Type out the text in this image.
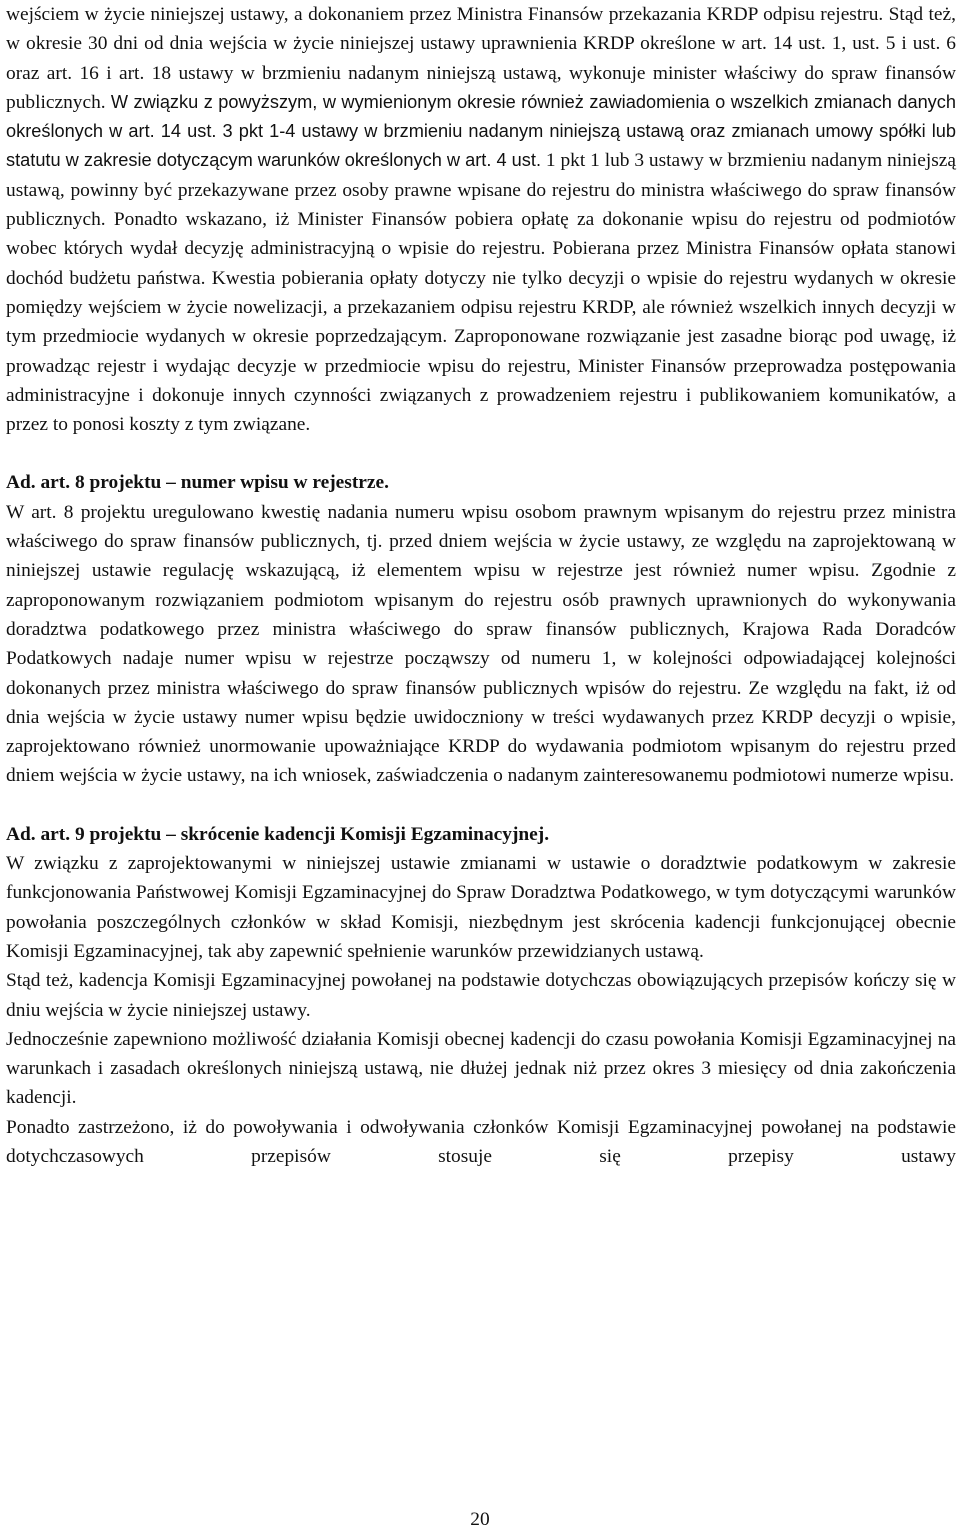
wejściem w życie niniejszej ustawy, a dokonaniem przez Ministra Finansów przekazania KRDP odpisu rejestru. Stąd też, w okresie 30 dni od dnia wejścia w życie niniejszej ustawy uprawnienia KRDP określone w art. 14 ust. 1, ust. 5 i ust. 6 oraz art. 16 i art. 18 ustawy w brzmieniu nadanym niniejszą ustawą, wykonuje minister właściwy do spraw finansów publicznych. W związku z powyższym, w wymienionym okresie również zawiadomienia o wszelkich zmianach danych określonych w art. 14 ust. 3 pkt 1-4 ustawy w brzmieniu nadanym niniejszą ustawą oraz zmianach umowy spółki lub statutu w zakresie dotyczącym warunków określonych w art. 4 ust. 1 pkt 1 lub 3 ustawy w brzmieniu nadanym niniejszą ustawą, powinny być przekazywane przez osoby prawne wpisane do rejestru do ministra właściwego do spraw finansów publicznych. Ponadto wskazano, iż Minister Finansów pobiera opłatę za dokonanie wpisu do rejestru od podmiotów wobec których wydał decyzję administracyjną o wpisie do rejestru. Pobierana przez Ministra Finansów opłata stanowi dochód budżetu państwa. Kwestia pobierania opłaty dotyczy nie tylko decyzji o wpisie do rejestru wydanych w okresie pomiędzy wejściem w życie nowelizacji, a przekazaniem odpisu rejestru KRDP, ale również wszelkich innych decyzji w tym przedmiocie wydanych w okresie poprzedzającym. Zaproponowane rozwiązanie jest zasadne biorąc pod uwagę, iż prowadząc rejestr i wydając decyzje w przedmiocie wpisu do rejestru, Minister Finansów przeprowadza postępowania administracyjne i dokonuje innych czynności związanych z prowadzeniem rejestru i publikowaniem komunikatów, a przez to ponosi koszty z tym związane.

Ad. art. 8 projektu – numer wpisu w rejestrze.

W art. 8 projektu uregulowano kwestię nadania numeru wpisu osobom prawnym wpisanym do rejestru przez ministra właściwego do spraw finansów publicznych, tj. przed dniem wejścia w życie ustawy, ze względu na zaprojektowaną w niniejszej ustawie regulację wskazującą, iż elementem wpisu w rejestrze jest również numer wpisu. Zgodnie z zaproponowanym rozwiązaniem podmiotom wpisanym do rejestru osób prawnych uprawnionych do wykonywania doradztwa podatkowego przez ministra właściwego do spraw finansów publicznych, Krajowa Rada Doradców Podatkowych nadaje numer wpisu w rejestrze począwszy od numeru 1, w kolejności odpowiadającej kolejności dokonanych przez ministra właściwego do spraw finansów publicznych wpisów do rejestru. Ze względu na fakt, iż od dnia wejścia w życie ustawy numer wpisu będzie uwidoczniony w treści wydawanych przez KRDP decyzji o wpisie, zaprojektowano również unormowanie upoważniające KRDP do wydawania podmiotom wpisanym do rejestru przed dniem wejścia w życie ustawy, na ich wniosek, zaświadczenia o nadanym zainteresowanemu podmiotowi numerze wpisu.

Ad. art. 9 projektu – skrócenie kadencji Komisji Egzaminacyjnej.

W związku z zaprojektowanymi w niniejszej ustawie zmianami w ustawie o doradztwie podatkowym w zakresie funkcjonowania Państwowej Komisji Egzaminacyjnej do Spraw Doradztwa Podatkowego, w tym dotyczącymi warunków powołania poszczególnych członków w skład Komisji, niezbędnym jest skrócenia kadencji funkcjonującej obecnie Komisji Egzaminacyjnej, tak aby zapewnić spełnienie warunków przewidzianych ustawą.

Stąd też, kadencja Komisji Egzaminacyjnej powołanej na podstawie dotychczas obowiązujących przepisów kończy się w dniu wejścia w życie niniejszej ustawy.

Jednocześnie zapewniono możliwość działania Komisji obecnej kadencji do czasu powołania Komisji Egzaminacyjnej na warunkach i zasadach określonych niniejszą ustawą, nie dłużej jednak niż przez okres 3 miesięcy od dnia zakończenia kadencji.

Ponadto zastrzeżono, iż do powoływania i odwoływania członków Komisji Egzaminacyjnej powołanej na podstawie dotychczasowych przepisów stosuje się przepisy ustawy

20
